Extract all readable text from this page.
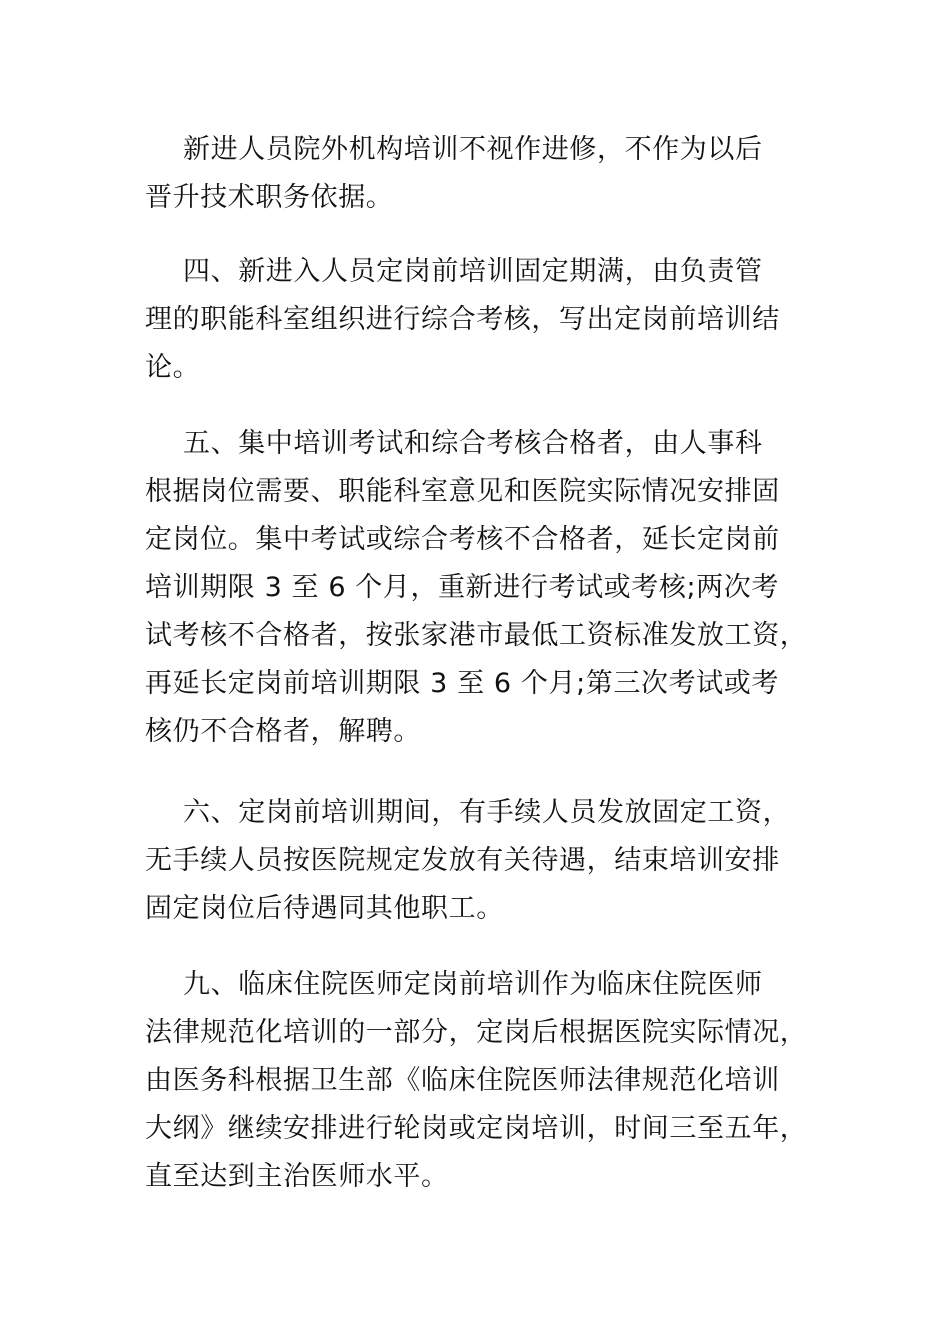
新进人员院外机构培训不视作进修，不作为以后
晋升技术职务依据。
四、新进入人员定岗前培训固定期满，由负责管
理的职能科室组织进行综合考核，写出定岗前培训结
论。
五、集中培训考试和综合考核合格者，由人事科
根据岗位需要、职能科室意见和医院实际情况安排固
定岗位。集中考试或综合考核不合格者，延长定岗前
培训期限 3 至 6 个月，重新进行考试或考核;两次考
试考核不合格者，按张家港市最低工资标准发放工资，
再延长定岗前培训期限 3 至 6 个月;第三次考试或考
核仍不合格者，解聘。
六、定岗前培训期间，有手续人员发放固定工资，
无手续人员按医院规定发放有关待遇，结束培训安排
固定岗位后待遇同其他职工。
九、临床住院医师定岗前培训作为临床住院医师
法律规范化培训的一部分，定岗后根据医院实际情况，
由医务科根据卫生部《临床住院医师法律规范化培训
大纲》继续安排进行轮岗或定岗培训，时间三至五年，
直至达到主治医师水平。
